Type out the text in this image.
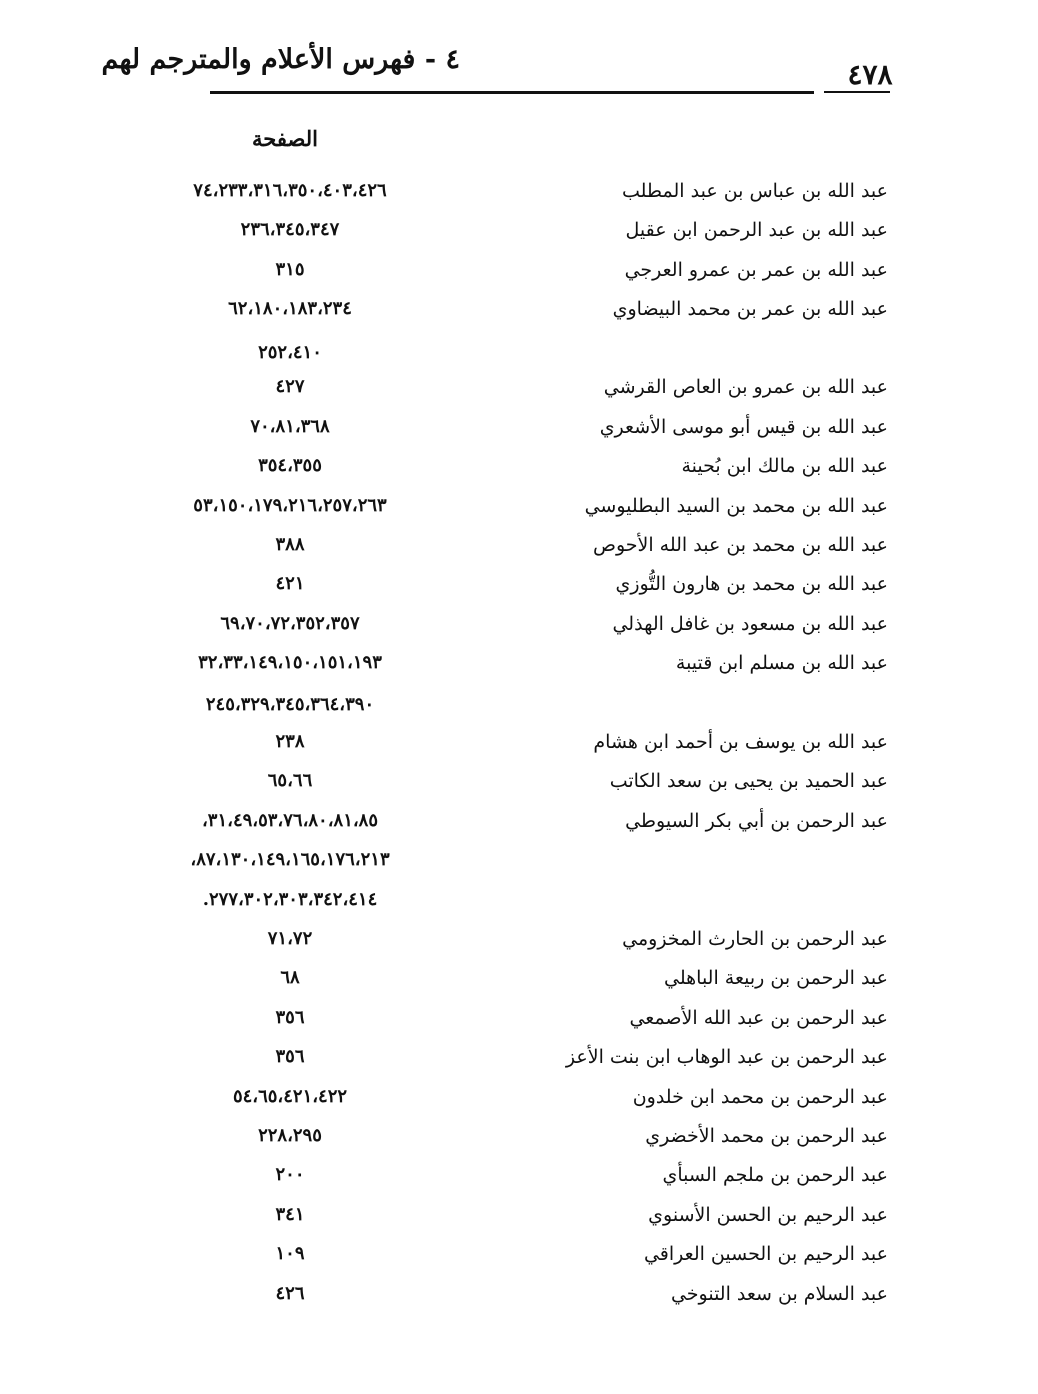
٤ - فهرس الأعلام والمترجم لهم	٤٧٨
الصفحة
عبد الله بن عباس بن عبد المطلب
٧٤،٢٣٣،٣١٦،٣٥٠،٤٠٣،٤٢٦
عبد الله بن عبد الرحمن ابن عقيل
٢٣٦،٣٤٥،٣٤٧
عبد الله بن عمر بن عمرو العرجي
٣١٥
عبد الله بن عمر بن محمد البيضاوي
٦٢،١٨٠،١٨٣،٢٣٤
٢٥٢،٤١٠
عبد الله بن عمرو بن العاص القرشي
٤٢٧
عبد الله بن قيس أبو موسى الأشعري
٧٠،٨١،٣٦٨
عبد الله بن مالك ابن بُحينة
٣٥٤،٣٥٥
عبد الله بن محمد بن السيد البطليوسي
٥٣،١٥٠،١٧٩،٢١٦،٢٥٧،٢٦٣
عبد الله بن محمد بن عبد الله الأحوص
٣٨٨
عبد الله بن محمد بن هارون التُّوزي
٤٢١
عبد الله بن مسعود بن غافل الهذلي
٦٩،٧٠،٧٢،٣٥٢،٣٥٧
عبد الله بن مسلم ابن قتيبة
٣٢،٣٣،١٤٩،١٥٠،١٥١،١٩٣
٢٤٥،٣٢٩،٣٤٥،٣٦٤،٣٩٠
عبد الله بن يوسف بن أحمد ابن هشام
٢٣٨
عبد الحميد بن يحيى بن سعد الكاتب
٦٥،٦٦
عبد الرحمن بن أبي بكر السيوطي
٣١،٤٩،٥٣،٧٦،٨٠،٨١،٨٥،
٨٧،١٣٠،١٤٩،١٦٥،١٧٦،٢١٣،
٢٧٧،٣٠٢،٣٠٣،٣٤٢،٤١٤.
عبد الرحمن بن الحارث المخزومي
٧١،٧٢
عبد الرحمن بن ربيعة الباهلي
٦٨
عبد الرحمن بن عبد الله الأصمعي
٣٥٦
عبد الرحمن بن عبد الوهاب ابن بنت الأعز
٣٥٦
عبد الرحمن بن محمد ابن خلدون
٥٤،٦٥،٤٢١،٤٢٢
عبد الرحمن بن محمد الأخضري
٢٢٨،٢٩٥
عبد الرحمن بن ملجم السبأي
٢٠٠
عبد الرحيم بن الحسن الأسنوي
٣٤١
عبد الرحيم بن الحسين العراقي
١٠٩
عبد السلام بن سعد التنوخي
٤٢٦
